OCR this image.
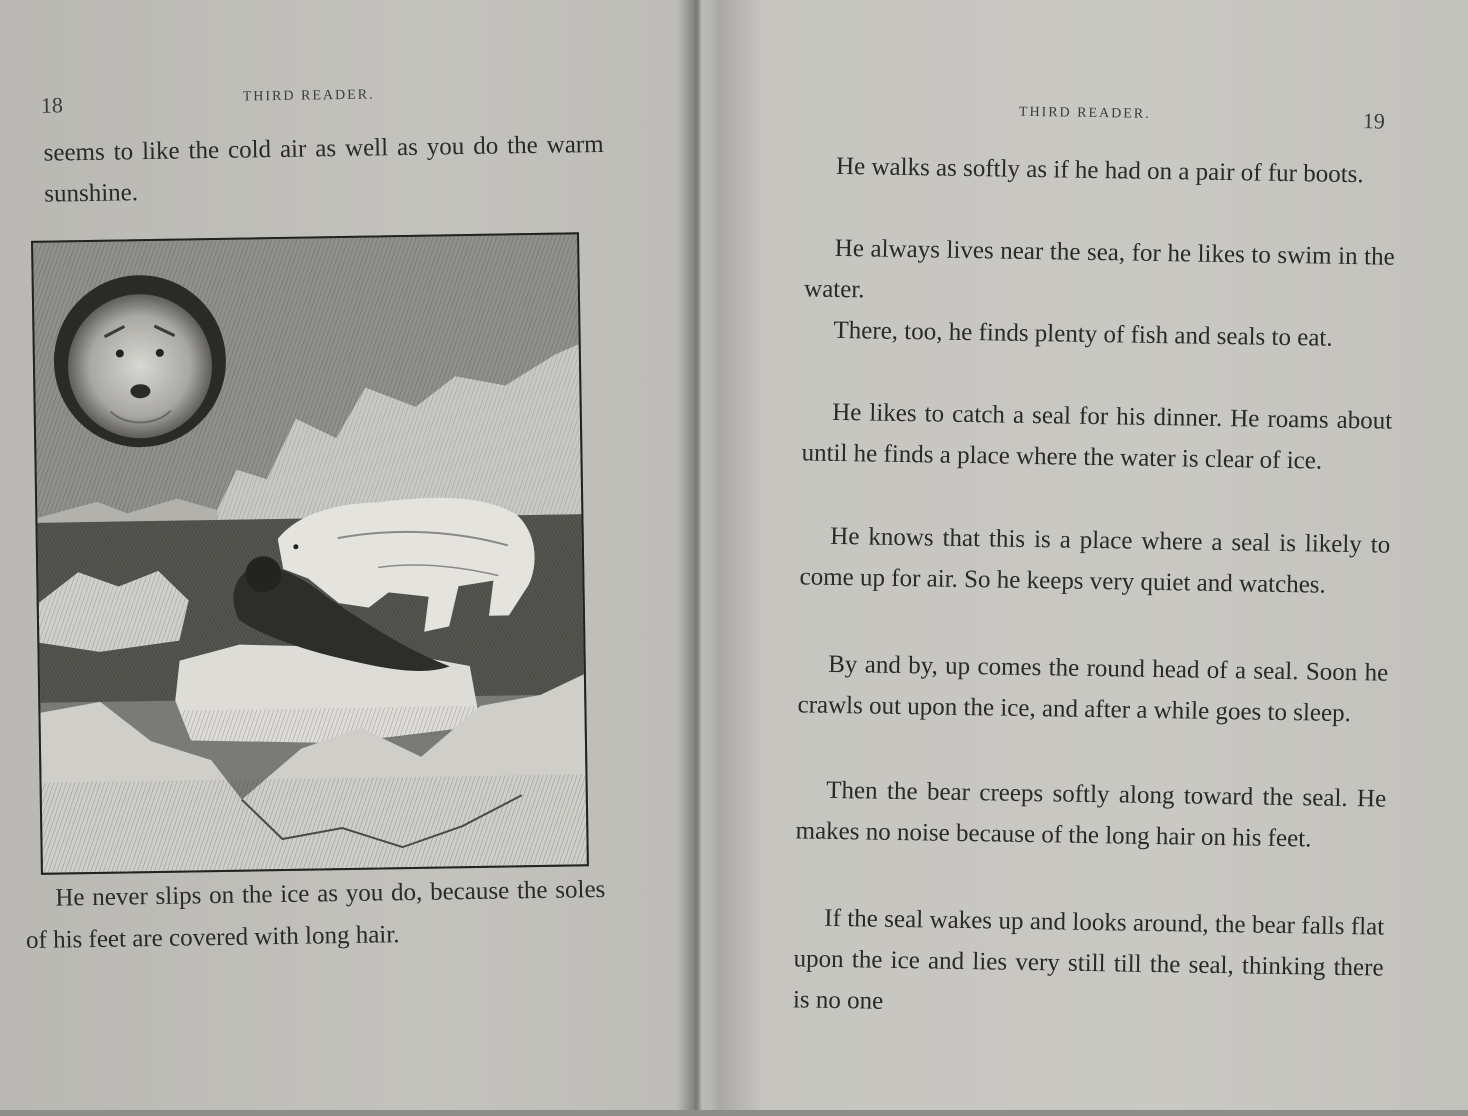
18	THIRD READER.

seems to like the cold air as well as you do the warm sunshine.

He never slips on the ice as you do, because the soles of his feet are covered with long hair.

THIRD READER.	19

He walks as softly as if he had on a pair of fur boots.

He always lives near the sea, for he likes to swim in the water.

There, too, he finds plenty of fish and seals to eat.

He likes to catch a seal for his dinner. He roams about until he finds a place where the water is clear of ice.

He knows that this is a place where a seal is likely to come up for air. So he keeps very quiet and watches.

By and by, up comes the round head of a seal. Soon he crawls out upon the ice, and after a while goes to sleep.

Then the bear creeps softly along toward the seal. He makes no noise because of the long hair on his feet.

If the seal wakes up and looks around, the bear falls flat upon the ice and lies very still till the seal, thinking there is no one
